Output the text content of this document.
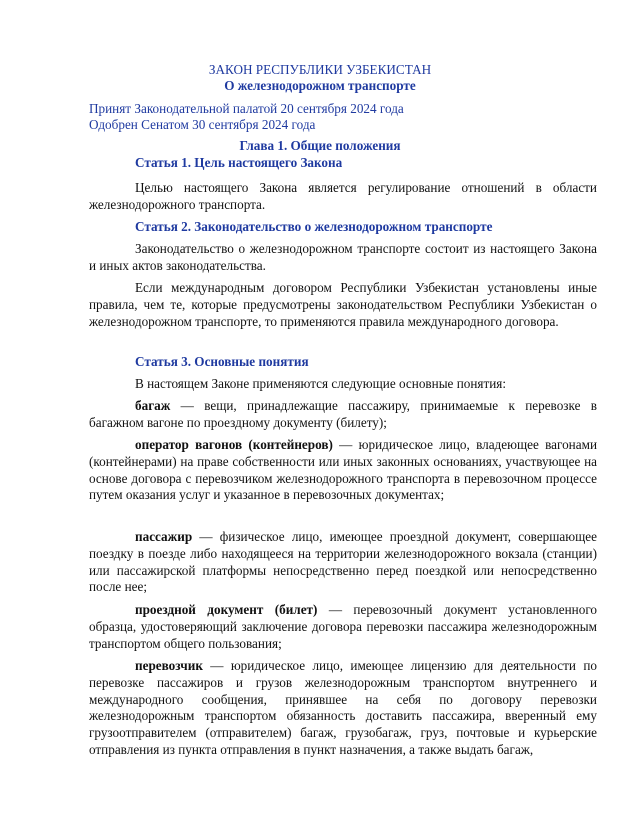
ЗАКОН РЕСПУБЛИКИ УЗБЕКИСТАН
О железнодорожном транспорте
Принят Законодательной палатой 20 сентября 2024 года
Одобрен Сенатом 30 сентября 2024 года
Глава 1. Общие положения
Статья 1. Цель настоящего Закона

Целью настоящего Закона является регулирование отношений в области железнодорожного транспорта.

Статья 2. Законодательство о железнодорожном транспорте

Законодательство о железнодорожном транспорте состоит из настоящего Закона и иных актов законодательства.

Если международным договором Республики Узбекистан установлены иные правила, чем те, которые предусмотрены законодательством Республики Узбекистан о железнодорожном транспорте, то применяются правила международного договора.

Статья 3. Основные понятия

В настоящем Законе применяются следующие основные понятия:

багаж — вещи, принадлежащие пассажиру, принимаемые к перевозке в багажном вагоне по проездному документу (билету);

оператор вагонов (контейнеров) — юридическое лицо, владеющее вагонами (контейнерами) на праве собственности или иных законных основаниях, участвующее на основе договора с перевозчиком железнодорожного транспорта в перевозочном процессе путем оказания услуг и указанное в перевозочных документах;

пассажир — физическое лицо, имеющее проездной документ, совершающее поездку в поезде либо находящееся на территории железнодорожного вокзала (станции) или пассажирской платформы непосредственно перед поездкой или непосредственно после нее;

проездной документ (билет) — перевозочный документ установленного образца, удостоверяющий заключение договора перевозки пассажира железнодорожным транспортом общего пользования;

перевозчик — юридическое лицо, имеющее лицензию для деятельности по перевозке пассажиров и грузов железнодорожным транспортом внутреннего и международного сообщения, принявшее на себя по договору перевозки железнодорожным транспортом обязанность доставить пассажира, вверенный ему грузоотправителем (отправителем) багаж, грузобагаж, груз, почтовые и курьерские отправления из пункта отправления в пункт назначения, а также выдать багаж,
